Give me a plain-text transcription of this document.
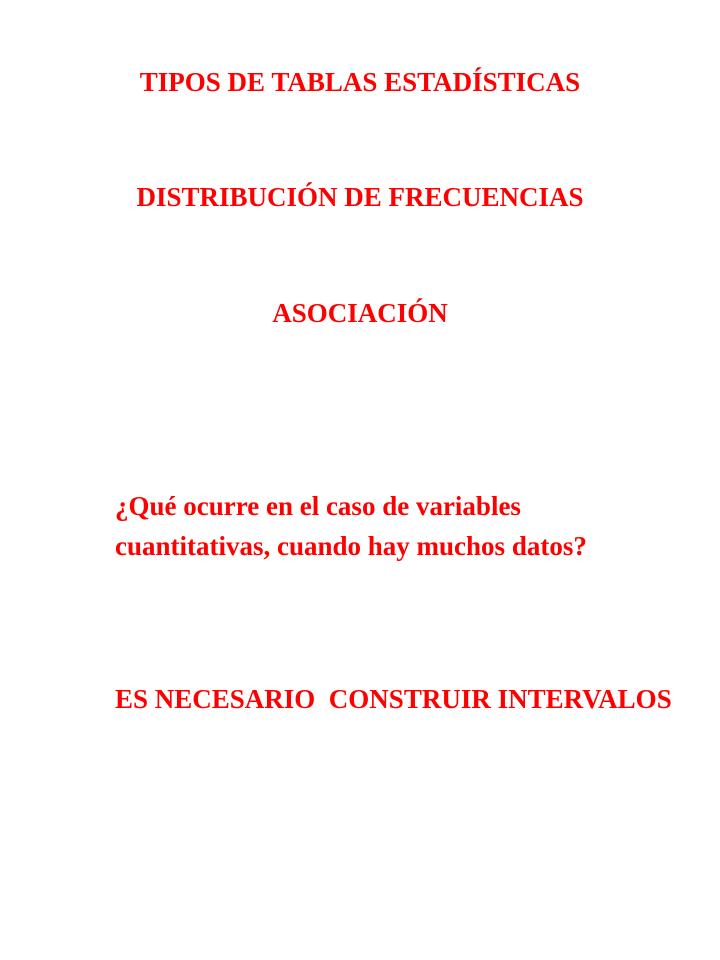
TIPOS DE TABLAS ESTADÍSTICAS
DISTRIBUCIÓN DE FRECUENCIAS
ASOCIACIÓN
¿Qué ocurre en el caso de variables cuantitativas, cuando hay muchos datos?
ES NECESARIO  CONSTRUIR INTERVALOS
